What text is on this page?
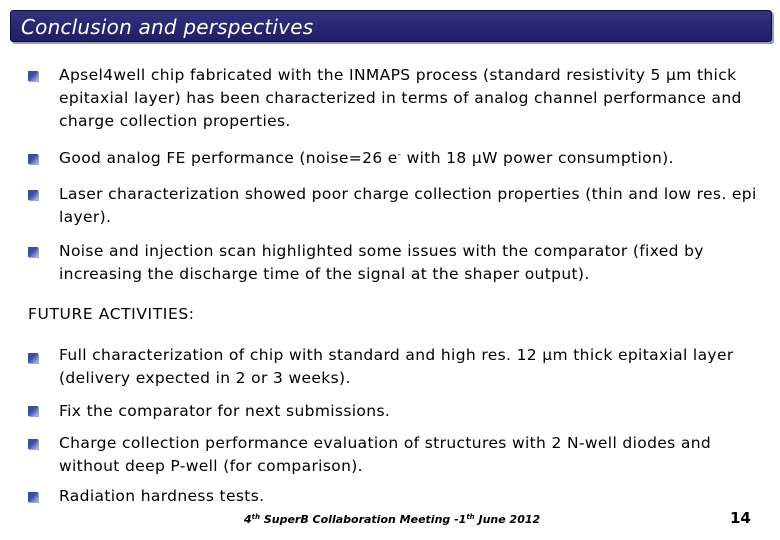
Conclusion and perspectives
Apsel4well chip fabricated with the INMAPS process (standard resistivity 5 µm thick epitaxial layer) has been characterized in terms of analog channel performance and charge collection properties.
Good analog FE performance (noise=26 e- with 18 µW power consumption).
Laser characterization showed poor charge collection properties (thin and low res. epi layer).
Noise and injection scan highlighted some issues with the comparator (fixed by increasing the discharge time of the signal at the shaper output).
FUTURE ACTIVITIES:
Full characterization of chip with standard and high res. 12 µm thick epitaxial layer (delivery expected in 2 or 3 weeks).
Fix the comparator for next submissions.
Charge collection performance evaluation of structures with 2 N-well diodes and without deep P-well (for comparison).
Radiation hardness tests.
4th SuperB Collaboration Meeting -1th June 2012	14
